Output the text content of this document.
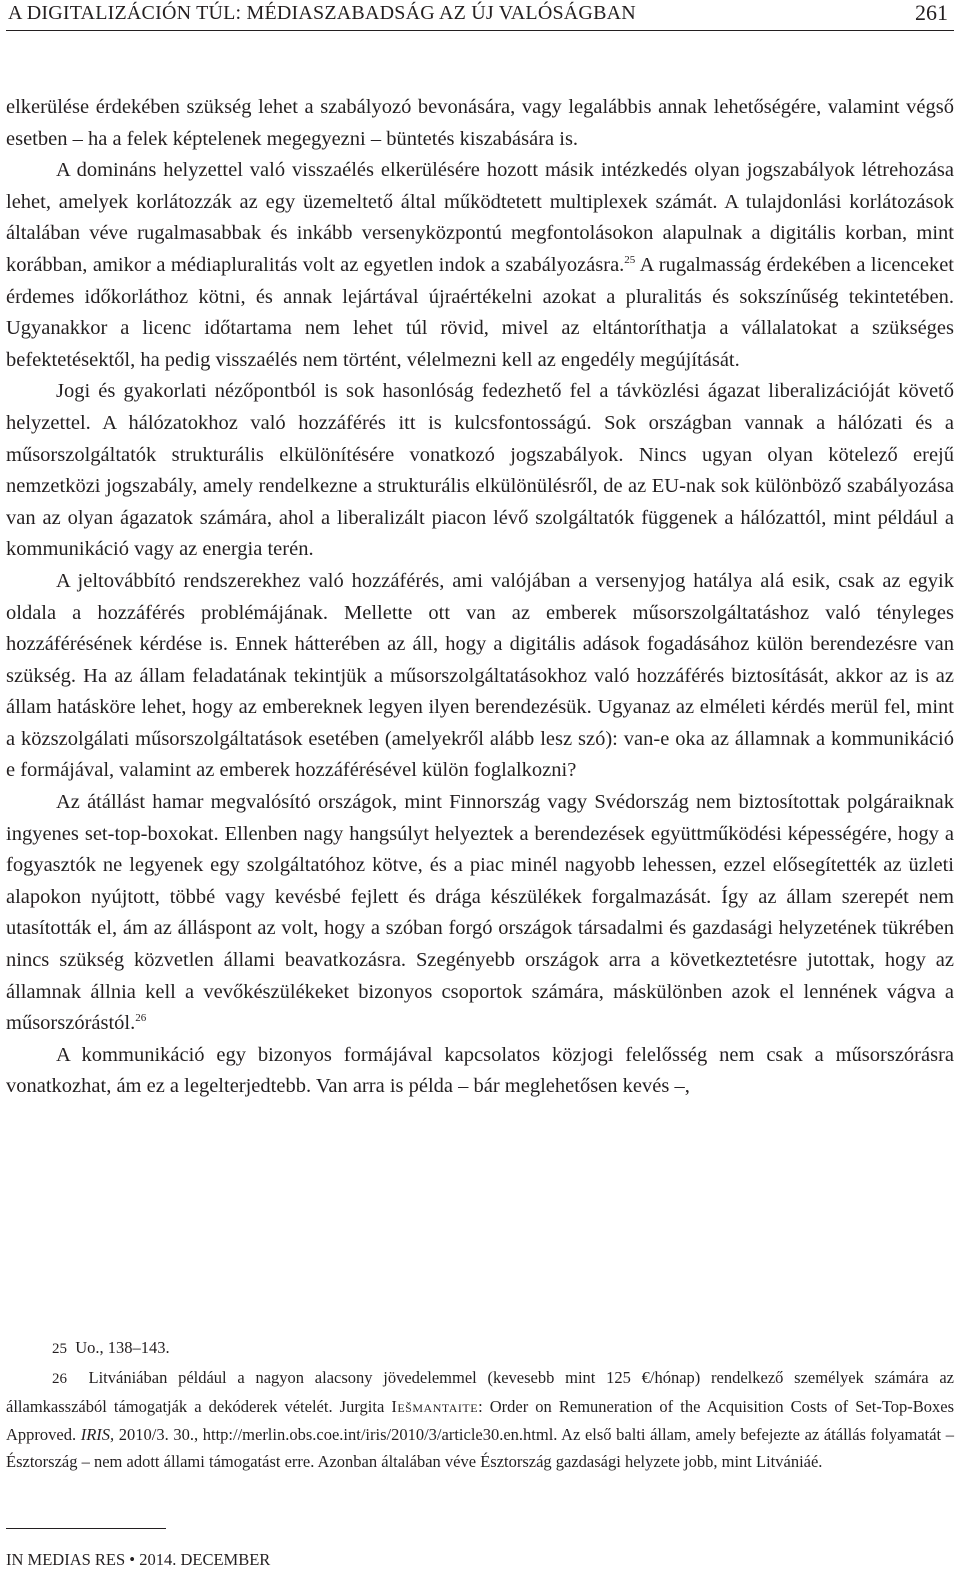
A DIGITALIZÁCIÓN TÚL: MÉDIASZABADSÁG AZ ÚJ VALÓSÁGBAN	261

elkerülése érdekében szükség lehet a szabályozó bevonására, vagy legalábbis annak lehetőségére, valamint végső esetben – ha a felek képtelenek megegyezni – büntetés kiszabására is.

A domináns helyzettel való visszaélés elkerülésére hozott másik intézkedés olyan jogszabályok létrehozása lehet, amelyek korlátozzák az egy üzemeltető által működtetett multiplexek számát. A tulajdonlási korlátozások általában véve rugalmasabbak és inkább versenyközpontú megfontolásokon alapulnak a digitális korban, mint korábban, amikor a médiapluralitás volt az egyetlen indok a szabályozásra.$^{25}$ A rugalmasság érdekében a licenceket érdemes időkorláthoz kötni, és annak lejártával újraértékelni azokat a pluralitás és sokszínűség tekintetében. Ugyanakkor a licenc időtartama nem lehet túl rövid, mivel az eltántoríthatja a vállalatokat a szükséges befektetésektől, ha pedig visszaélés nem történt, vélelmezni kell az engedély megújítását.

Jogi és gyakorlati nézőpontból is sok hasonlóság fedezhető fel a távközlési ágazat liberalizációját követő helyzettel. A hálózatokhoz való hozzáférés itt is kulcsfontosságú. Sok országban vannak a hálózati és a műsorszolgáltatók strukturális elkülönítésére vonatkozó jogszabályok. Nincs ugyan olyan kötelező erejű nemzetközi jogszabály, amely rendelkezne a strukturális elkülönülésről, de az EU-nak sok különböző szabályozása van az olyan ágazatok számára, ahol a liberalizált piacon lévő szolgáltatók függenek a hálózattól, mint például a kommunikáció vagy az energia terén.

A jeltovábbító rendszerekhez való hozzáférés, ami valójában a versenyjog hatálya alá esik, csak az egyik oldala a hozzáférés problémájának. Mellette ott van az emberek műsorszolgáltatáshoz való tényleges hozzáférésének kérdése is. Ennek hátterében az áll, hogy a digitális adások fogadásához külön berendezésre van szükség. Ha az állam feladatának tekintjük a műsorszolgáltatásokhoz való hozzáférés biztosítását, akkor az is az állam hatásköre lehet, hogy az embereknek legyen ilyen berendezésük. Ugyanaz az elméleti kérdés merül fel, mint a közszolgálati műsorszolgáltatások esetében (amelyekről alább lesz szó): van-e oka az államnak a kommunikáció e formájával, valamint az emberek hozzáférésével külön foglalkozni?

Az átállást hamar megvalósító országok, mint Finnország vagy Svédország nem biztosítottak polgáraiknak ingyenes set-top-boxokat. Ellenben nagy hangsúlyt helyeztek a berendezések együttműködési képességére, hogy a fogyasztók ne legyenek egy szolgáltatóhoz kötve, és a piac minél nagyobb lehessen, ezzel elősegítették az üzleti alapokon nyújtott, többé vagy kevésbé fejlett és drága készülékek forgalmazását. Így az állam szerepét nem utasították el, ám az álláspont az volt, hogy a szóban forgó országok társadalmi és gazdasági helyzetének tükrében nincs szükség közvetlen állami beavatkozásra. Szegényebb országok arra a következtetésre jutottak, hogy az államnak állnia kell a vevőkészülékeket bizonyos csoportok számára, máskülönben azok el lennének vágva a műsorszórástól.$^{26}$

A kommunikáció egy bizonyos formájával kapcsolatos közjogi felelősség nem csak a műsorszórásra vonatkozhat, ám ez a legelterjedtebb. Van arra is példa – bár meglehetősen kevés –,

25 Uo., 138–143.

26 Litvániában például a nagyon alacsony jövedelemmel (kevesebb mint 125 €/hónap) rendelkező személyek számára az államkasszából támogatják a dekóderek vételét. Jurgita Iešmantaite: Order on Remuneration of the Acquisition Costs of Set-Top-Boxes Approved. IRIS, 2010/3. 30., http://merlin.obs.coe.int/iris/2010/3/article30.en.html. Az első balti állam, amely befejezte az átállás folyamatát – Észtország – nem adott állami támogatást erre. Azonban általában véve Észtország gazdasági helyzete jobb, mint Litvániáé.

IN MEDIAS RES • 2014. DECEMBER
